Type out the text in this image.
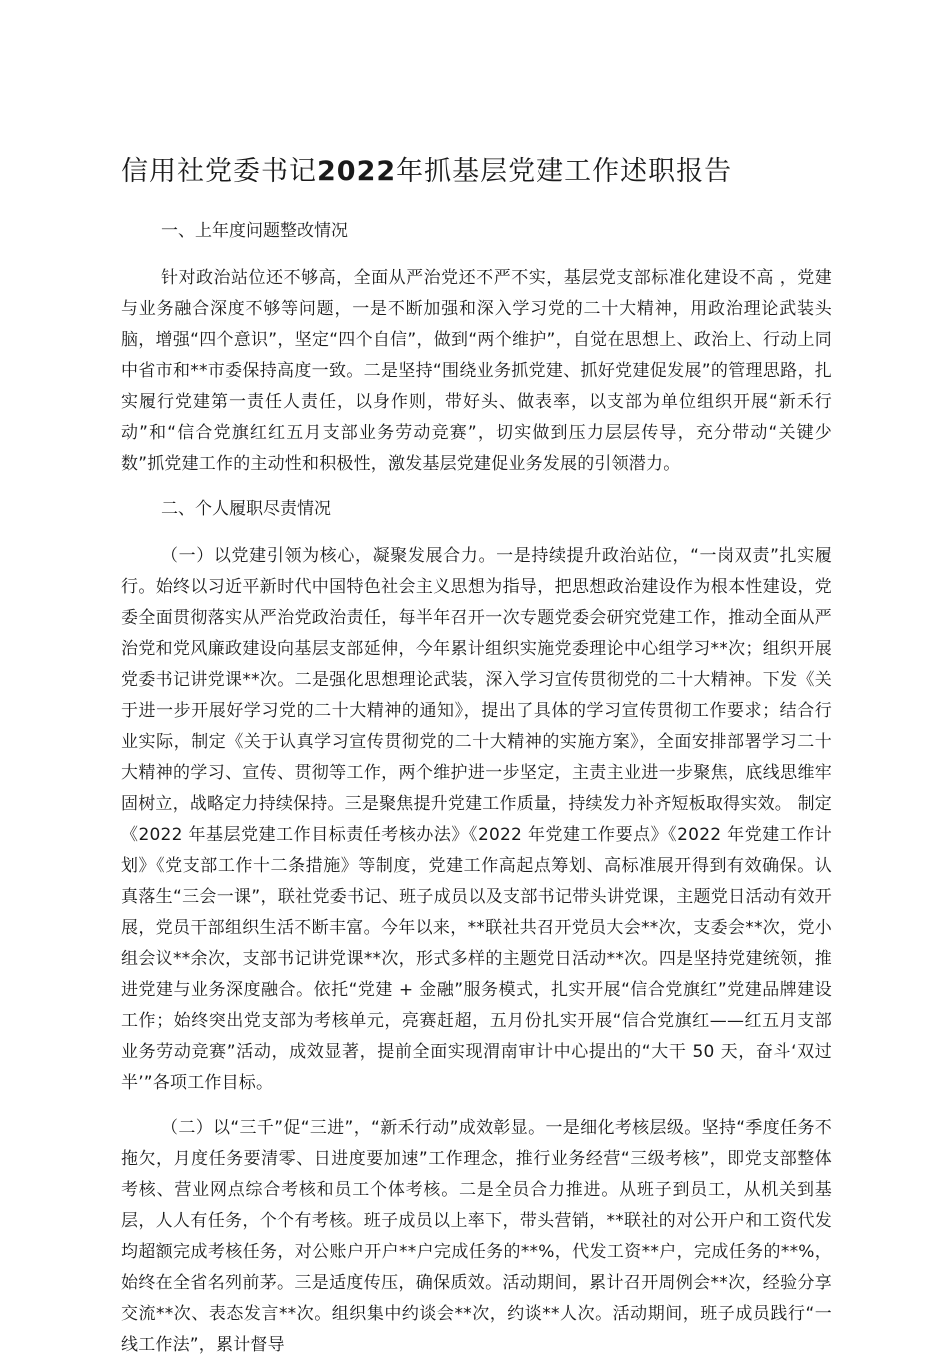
信用社党委书记2022年抓基层党建工作述职报告

一、上年度问题整改情况

针对政治站位还不够高，全面从严治党还不严不实，基层党支部标准化建设不高 ，党建与业务融合深度不够等问题，一是不断加强和深入学习党的二十大精神，用政治理论武装头脑，增强“四个意识”，坚定“四个自信”，做到“两个维护”，自觉在思想上、政治上、行动上同中省市和**市委保持高度一致。二是坚持“围绕业务抓党建、抓好党建促发展”的管理思路，扎实履行党建第一责任人责任，以身作则，带好头、做表率，以支部为单位组织开展“新禾行动”和“信合党旗红红五月支部业务劳动竞赛”，切实做到压力层层传导，充分带动“关键少数”抓党建工作的主动性和积极性，激发基层党建促业务发展的引领潜力。

二、个人履职尽责情况

（一）以党建引领为核心，凝聚发展合力。一是持续提升政治站位，“一岗双责”扎实履行。始终以习近平新时代中国特色社会主义思想为指导，把思想政治建设作为根本性建设，党委全面贯彻落实从严治党政治责任，每半年召开一次专题党委会研究党建工作，推动全面从严治党和党风廉政建设向基层支部延伸，今年累计组织实施党委理论中心组学习**次；组织开展党委书记讲党课**次。二是强化思想理论武装，深入学习宣传贯彻党的二十大精神。下发《关于进一步开展好学习党的二十大精神的通知》，提出了具体的学习宣传贯彻工作要求；结合行业实际，制定《关于认真学习宣传贯彻党的二十大精神的实施方案》，全面安排部署学习二十大精神的学习、宣传、贯彻等工作，两个维护进一步坚定，主责主业进一步聚焦，底线思维牢固树立，战略定力持续保持。三是聚焦提升党建工作质量，持续发力补齐短板取得实效。 制定《2022 年基层党建工作目标责任考核办法》《2022 年党建工作要点》《2022 年党建工作计划》《党支部工作十二条措施》等制度，党建工作高起点筹划、高标准展开得到有效确保。认真落生“三会一课”，联社党委书记、班子成员以及支部书记带头讲党课，主题党日活动有效开展，党员干部组织生活不断丰富。今年以来，**联社共召开党员大会**次，支委会**次，党小组会议**余次，支部书记讲党课**次，形式多样的主题党日活动**次。四是坚持党建统领，推进党建与业务深度融合。依托“党建 + 金融”服务模式，扎实开展“信合党旗红”党建品牌建设工作；始终突出党支部为考核单元，亮赛赶超，五月份扎实开展“信合党旗红——红五月支部业务劳动竞赛”活动，成效显著，提前全面实现渭南审计中心提出的“大干 50 天，奋斗‘双过半’”各项工作目标。

（二）以“三千”促“三进”，“新禾行动”成效彰显。一是细化考核层级。坚持“季度任务不拖欠，月度任务要清零、日进度要加速”工作理念，推行业务经营“三级考核”，即党支部整体考核、营业网点综合考核和员工个体考核。二是全员合力推进。从班子到员工，从机关到基层，人人有任务，个个有考核。班子成员以上率下，带头营销，**联社的对公开户和工资代发均超额完成考核任务，对公账户开户**户完成任务的**%，代发工资**户，完成任务的**%，始终在全省名列前茅。三是适度传压，确保质效。活动期间，累计召开周例会**次，经验分享交流**次、表态发言**次。组织集中约谈会**次，约谈**人次。活动期间，班子成员践行“一线工作法”，累计督导
